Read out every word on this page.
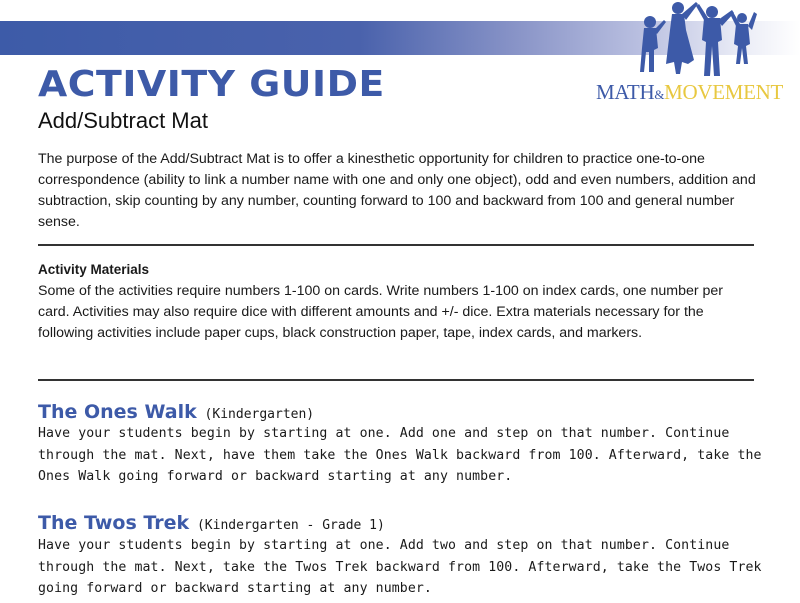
MATH&MOVEMENT
ACTIVITY GUIDE
Add/Subtract Mat
The purpose of the Add/Subtract Mat is to offer a kinesthetic opportunity for children to practice one-to-one correspondence (ability to link a number name with one and only one object), odd and even numbers, addition and subtraction, skip counting by any number, counting forward to 100 and backward from 100 and general number sense.
Activity Materials
Some of the activities require numbers 1-100 on cards. Write numbers 1-100 on index cards, one number per card. Activities may also require dice with different amounts and +/- dice. Extra materials necessary for the following activities include paper cups, black construction paper, tape, index cards, and markers.
The Ones Walk (Kindergarten)
Have your students begin by starting at one. Add one and step on that number. Continue through the mat. Next, have them take the Ones Walk backward from 100. Afterward, take the Ones Walk going forward or backward starting at any number.
The Twos Trek (Kindergarten - Grade 1)
Have your students begin by starting at one. Add two and step on that number. Continue through the mat. Next, take the Twos Trek backward from 100. Afterward, take the Twos Trek going forward or backward starting at any number.
